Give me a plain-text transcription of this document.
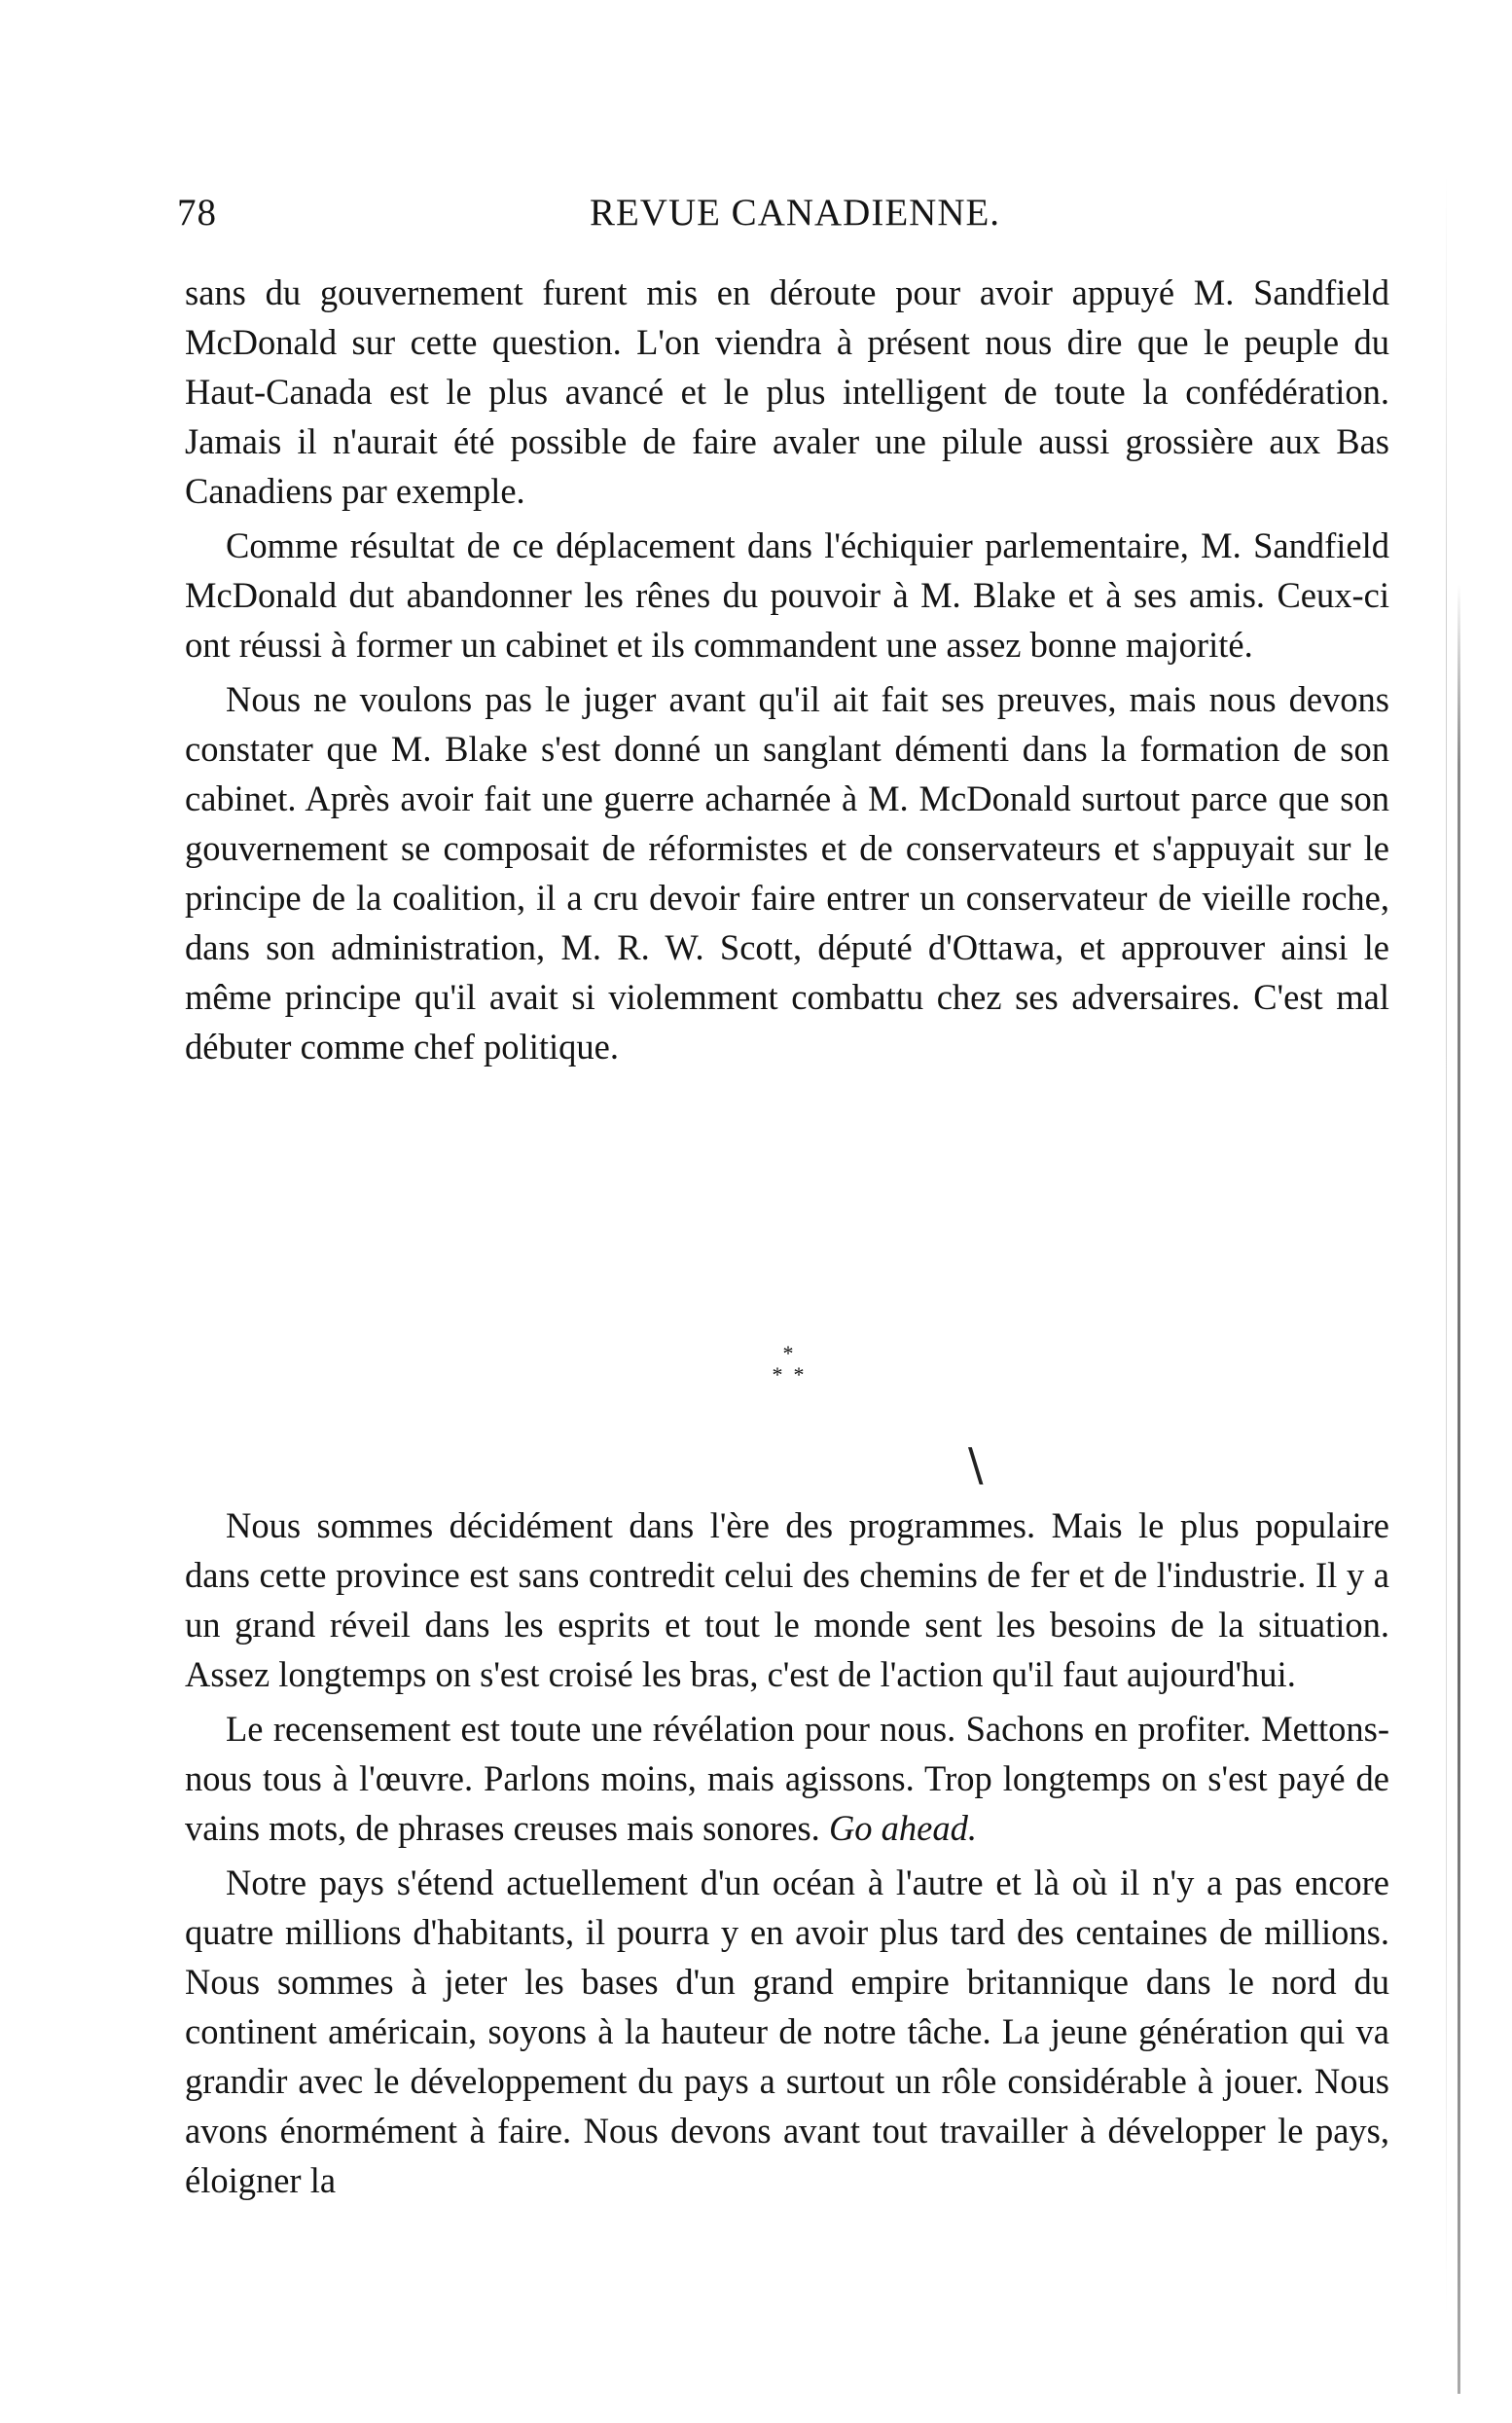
78	REVUE CANADIENNE.

sans du gouvernement furent mis en déroute pour avoir appuyé M. Sandfield McDonald sur cette question. L'on viendra à présent nous dire que le peuple du Haut-Canada est le plus avancé et le plus intelligent de toute la confédération. Jamais il n'aurait été possible de faire avaler une pilule aussi grossière aux Bas Canadiens par exemple.

Comme résultat de ce déplacement dans l'échiquier parlementaire, M. Sandfield McDonald dut abandonner les rênes du pouvoir à M. Blake et à ses amis. Ceux-ci ont réussi à former un cabinet et ils commandent une assez bonne majorité.

Nous ne voulons pas le juger avant qu'il ait fait ses preuves, mais nous devons constater que M. Blake s'est donné un sanglant démenti dans la formation de son cabinet. Après avoir fait une guerre acharnée à M. McDonald surtout parce que son gouvernement se composait de réformistes et de conservateurs et s'appuyait sur le principe de la coalition, il a cru devoir faire entrer un conservateur de vieille roche, dans son administration, M. R. W. Scott, député d'Ottawa, et approuver ainsi le même principe qu'il avait si violemment combattu chez ses adversaires. C'est mal débuter comme chef politique.

*
*  *
\

Nous sommes décidément dans l'ère des programmes. Mais le plus populaire dans cette province est sans contredit celui des chemins de fer et de l'industrie. Il y a un grand réveil dans les esprits et tout le monde sent les besoins de la situation. Assez longtemps on s'est croisé les bras, c'est de l'action qu'il faut aujourd'hui.

Le recensement est toute une révélation pour nous. Sachons en profiter. Mettons-nous tous à l'œuvre. Parlons moins, mais agissons. Trop longtemps on s'est payé de vains mots, de phrases creuses mais sonores. Go ahead.

Notre pays s'étend actuellement d'un océan à l'autre et là où il n'y a pas encore quatre millions d'habitants, il pourra y en avoir plus tard des centaines de millions. Nous sommes à jeter les bases d'un grand empire britannique dans le nord du continent américain, soyons à la hauteur de notre tâche. La jeune génération qui va grandir avec le développement du pays a surtout un rôle considérable à jouer. Nous avons énormément à faire. Nous devons avant tout travailler à développer le pays, éloigner la
